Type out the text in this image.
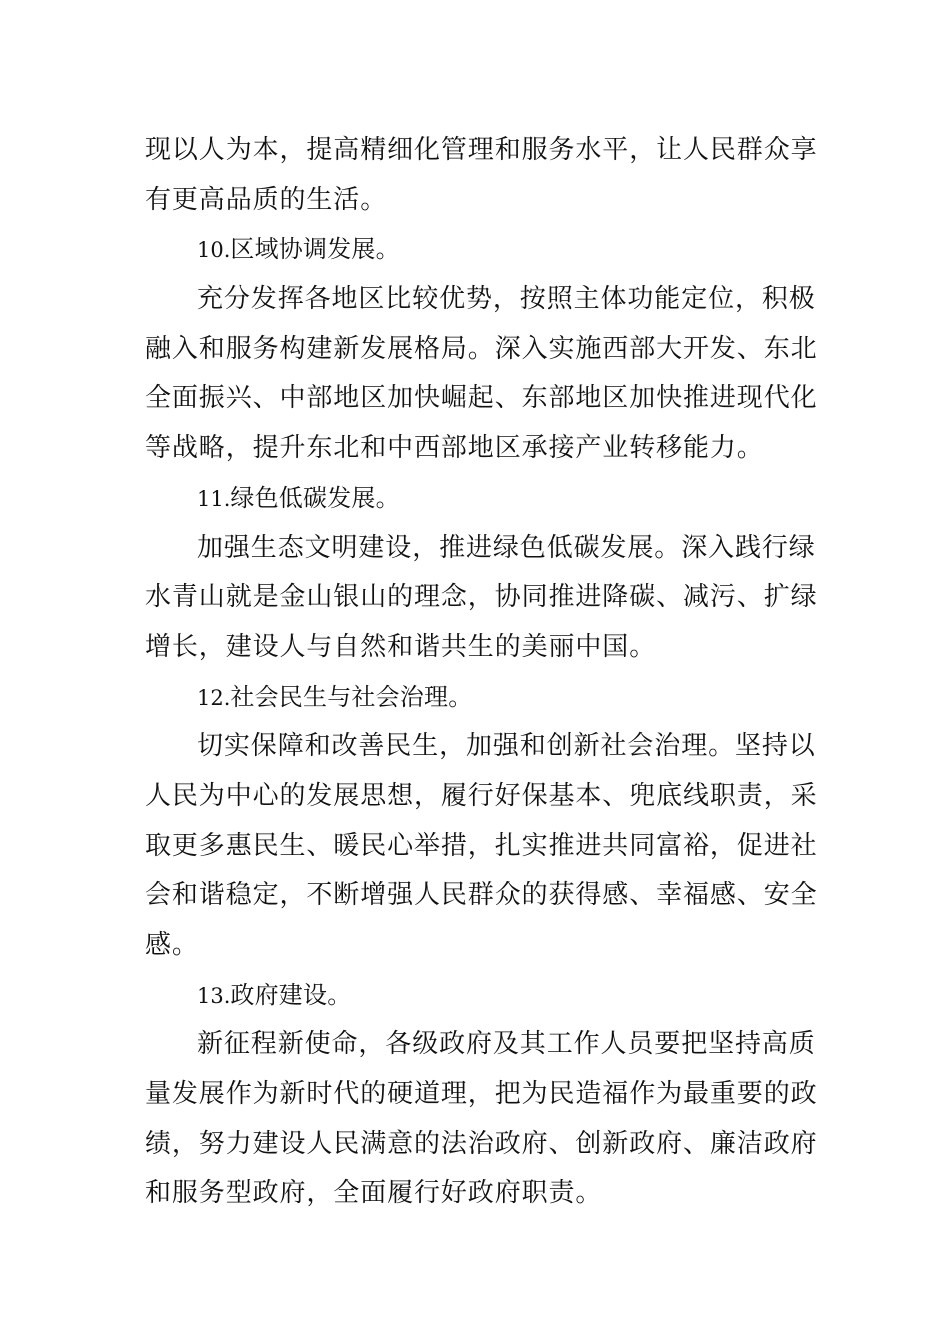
现以人为本，提高精细化管理和服务水平，让人民群众享
有更高品质的生活。
10.区域协调发展。
充分发挥各地区比较优势，按照主体功能定位，积极
融入和服务构建新发展格局。深入实施西部大开发、东北
全面振兴、中部地区加快崛起、东部地区加快推进现代化
等战略，提升东北和中西部地区承接产业转移能力。
11.绿色低碳发展。
加强生态文明建设，推进绿色低碳发展。深入践行绿
水青山就是金山银山的理念，协同推进降碳、减污、扩绿
增长，建设人与自然和谐共生的美丽中国。
12.社会民生与社会治理。
切实保障和改善民生，加强和创新社会治理。坚持以
人民为中心的发展思想，履行好保基本、兜底线职责，采
取更多惠民生、暖民心举措，扎实推进共同富裕，促进社
会和谐稳定，不断增强人民群众的获得感、幸福感、安全
感。
13.政府建设。
新征程新使命，各级政府及其工作人员要把坚持高质
量发展作为新时代的硬道理，把为民造福作为最重要的政
绩，努力建设人民满意的法治政府、创新政府、廉洁政府
和服务型政府，全面履行好政府职责。
